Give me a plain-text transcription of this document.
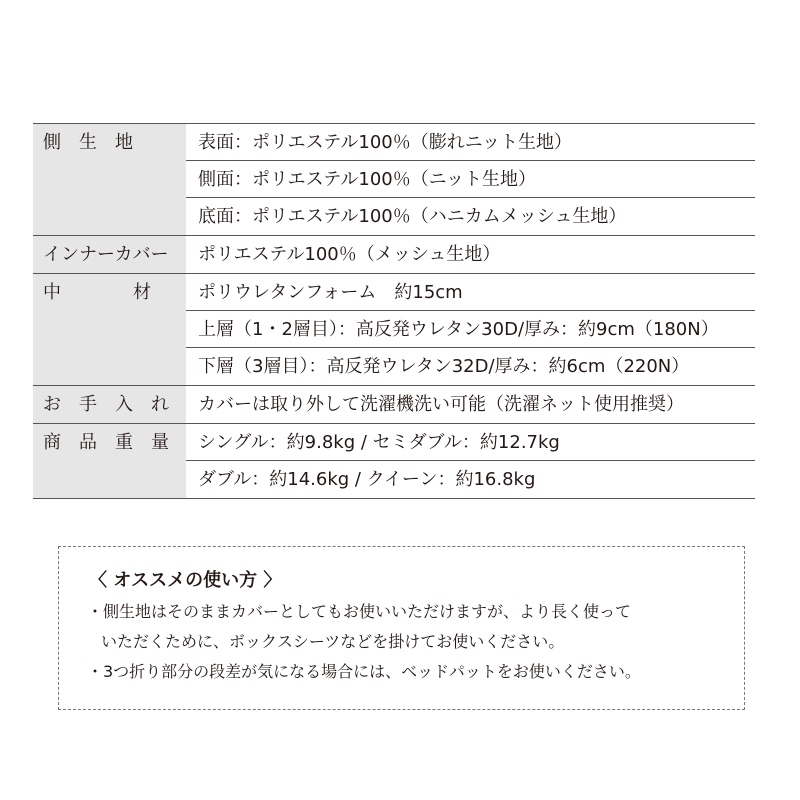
側　生　地	表面：ポリエステル100％（膨れニット生地）
側面：ポリエステル100％（ニット生地）
底面：ポリエステル100％（ハニカムメッシュ生地）
インナーカバー	ポリエステル100％（メッシュ生地）
中　　　　材	ポリウレタンフォーム　約15cm
上層（1・2層目）：高反発ウレタン30D/厚み：約9cm（180N）
下層（3層目）：高反発ウレタン32D/厚み：約6cm（220N）
お　手　入　れ	カバーは取り外して洗濯機洗い可能（洗濯ネット使用推奨）
商　品　重　量	シングル：約9.8kg / セミダブル：約12.7kg
ダブル：約14.6kg / クイーン：約16.8kg
〈 オススメの使い方 〉
・側生地はそのままカバーとしてもお使いいただけますが、より長く使って
いただくために、ボックスシーツなどを掛けてお使いください。
・3つ折り部分の段差が気になる場合には、ベッドパットをお使いください。
